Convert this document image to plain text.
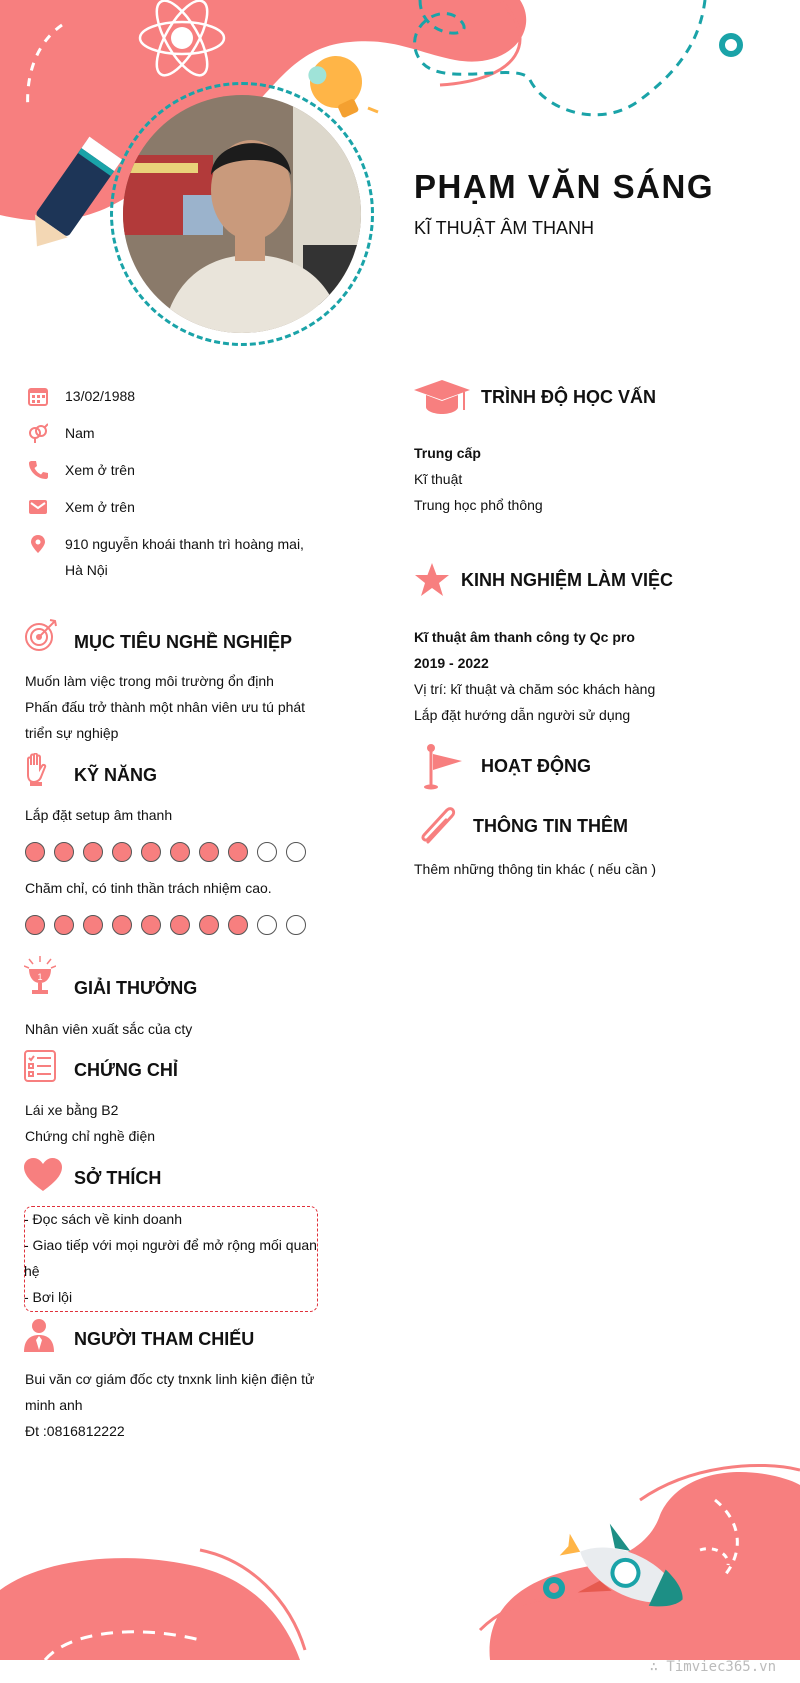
PHẠM VĂN SÁNG
KĨ THUẬT ÂM THANH
13/02/1988
Nam
Xem ở trên
Xem ở trên
910 nguyễn khoái thanh trì hoàng mai,
Hà Nội
MỤC TIÊU NGHỀ NGHIỆP
Muốn làm việc trong môi trường ổn định
Phấn đấu trở thành một nhân viên ưu tú phát
triển sự nghiệp
KỸ NĂNG
Lắp đặt setup âm thanh
Chăm chỉ, có tinh thần trách nhiệm cao.
1
GIẢI THƯỞNG
Nhân viên xuất sắc của cty
CHỨNG CHỈ
Lái xe bằng B2
Chứng chỉ nghề điện
SỞ THÍCH
- Đọc sách về kinh doanh
- Giao tiếp với mọi người để mở rộng mối quan
hệ
- Bơi lội
NGƯỜI THAM CHIẾU
Bui văn cơ giám đốc cty tnxnk linh kiện điện tử
minh anh
Đt :0816812222
TRÌNH ĐỘ HỌC VẤN
Trung cấp
Kĩ thuật
Trung học phổ thông
KINH NGHIỆM LÀM VIỆC
Kĩ thuật âm thanh công ty Qc pro
2019 - 2022
Vị trí: kĩ thuật và chăm sóc khách hàng
Lắp đặt hướng dẫn người sử dụng
HOẠT ĐỘNG
THÔNG TIN THÊM
Thêm những thông tin khác ( nếu cần )
∴ Timviec365.vn
